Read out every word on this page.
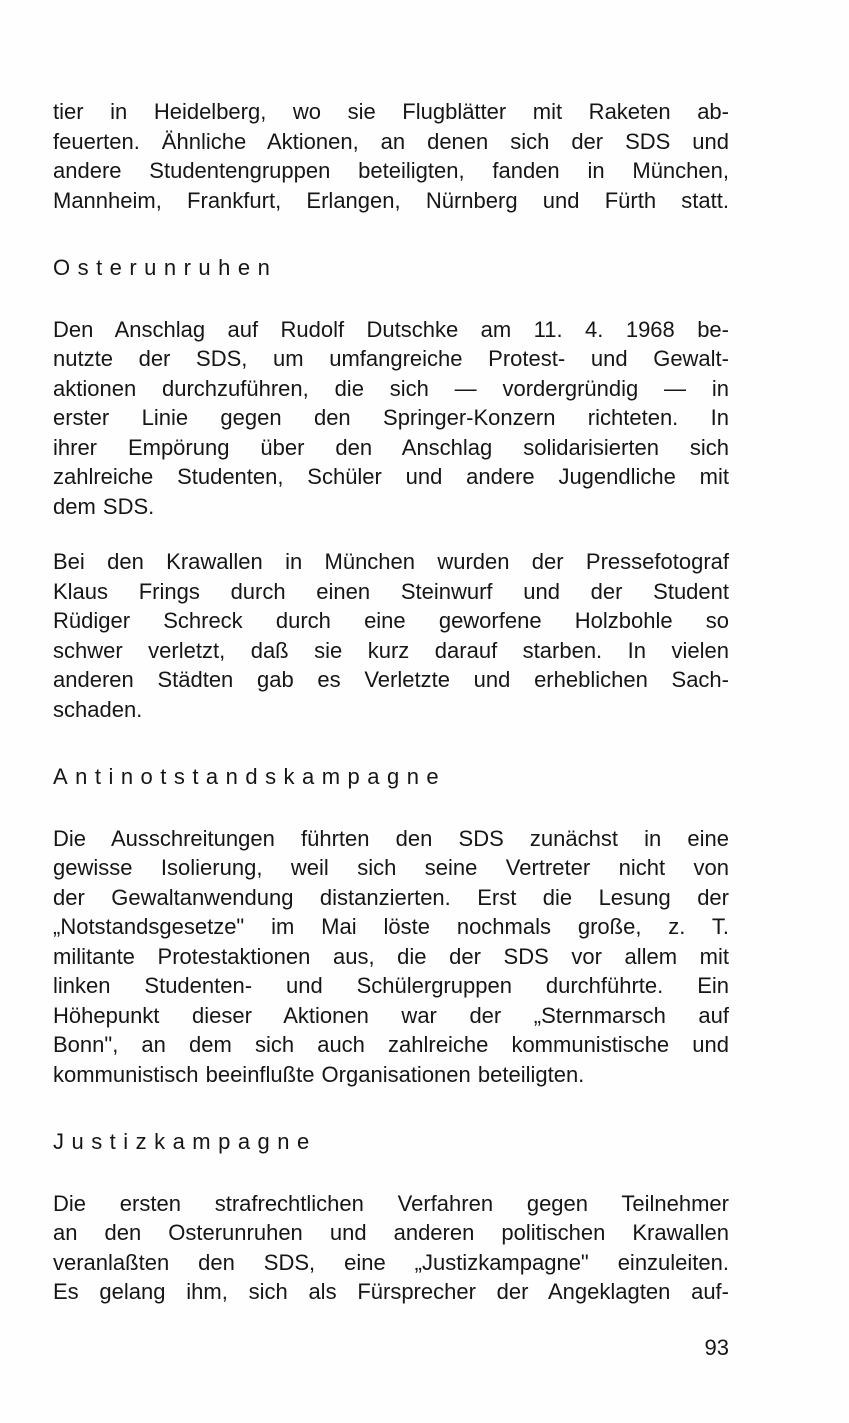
tier in Heidelberg, wo sie Flugblätter mit Raketen ab-
feuerten. Ähnliche Aktionen, an denen sich der SDS und
andere Studentengruppen beteiligten, fanden in München,
Mannheim, Frankfurt, Erlangen, Nürnberg und Fürth statt.
Osterunruhen
Den Anschlag auf Rudolf Dutschke am 11. 4. 1968 be-
nutzte der SDS, um umfangreiche Protest- und Gewalt-
aktionen durchzuführen, die sich — vordergründig — in
erster Linie gegen den Springer-Konzern richteten. In
ihrer Empörung über den Anschlag solidarisierten sich
zahlreiche Studenten, Schüler und andere Jugendliche mit
dem SDS.
Bei den Krawallen in München wurden der Pressefotograf
Klaus Frings durch einen Steinwurf und der Student
Rüdiger Schreck durch eine geworfene Holzbohle so
schwer verletzt, daß sie kurz darauf starben. In vielen
anderen Städten gab es Verletzte und erheblichen Sach-
schaden.
Antinotstandskampagne
Die Ausschreitungen führten den SDS zunächst in eine
gewisse Isolierung, weil sich seine Vertreter nicht von
der Gewaltanwendung distanzierten. Erst die Lesung der
„Notstandsgesetze" im Mai löste nochmals große, z. T.
militante Protestaktionen aus, die der SDS vor allem mit
linken Studenten- und Schülergruppen durchführte. Ein
Höhepunkt dieser Aktionen war der „Sternmarsch auf
Bonn", an dem sich auch zahlreiche kommunistische und
kommunistisch beeinflußte Organisationen beteiligten.
Justizkampagne
Die ersten strafrechtlichen Verfahren gegen Teilnehmer
an den Osterunruhen und anderen politischen Krawallen
veranlaßten den SDS, eine „Justizkampagne" einzuleiten.
Es gelang ihm, sich als Fürsprecher der Angeklagten auf-
93
